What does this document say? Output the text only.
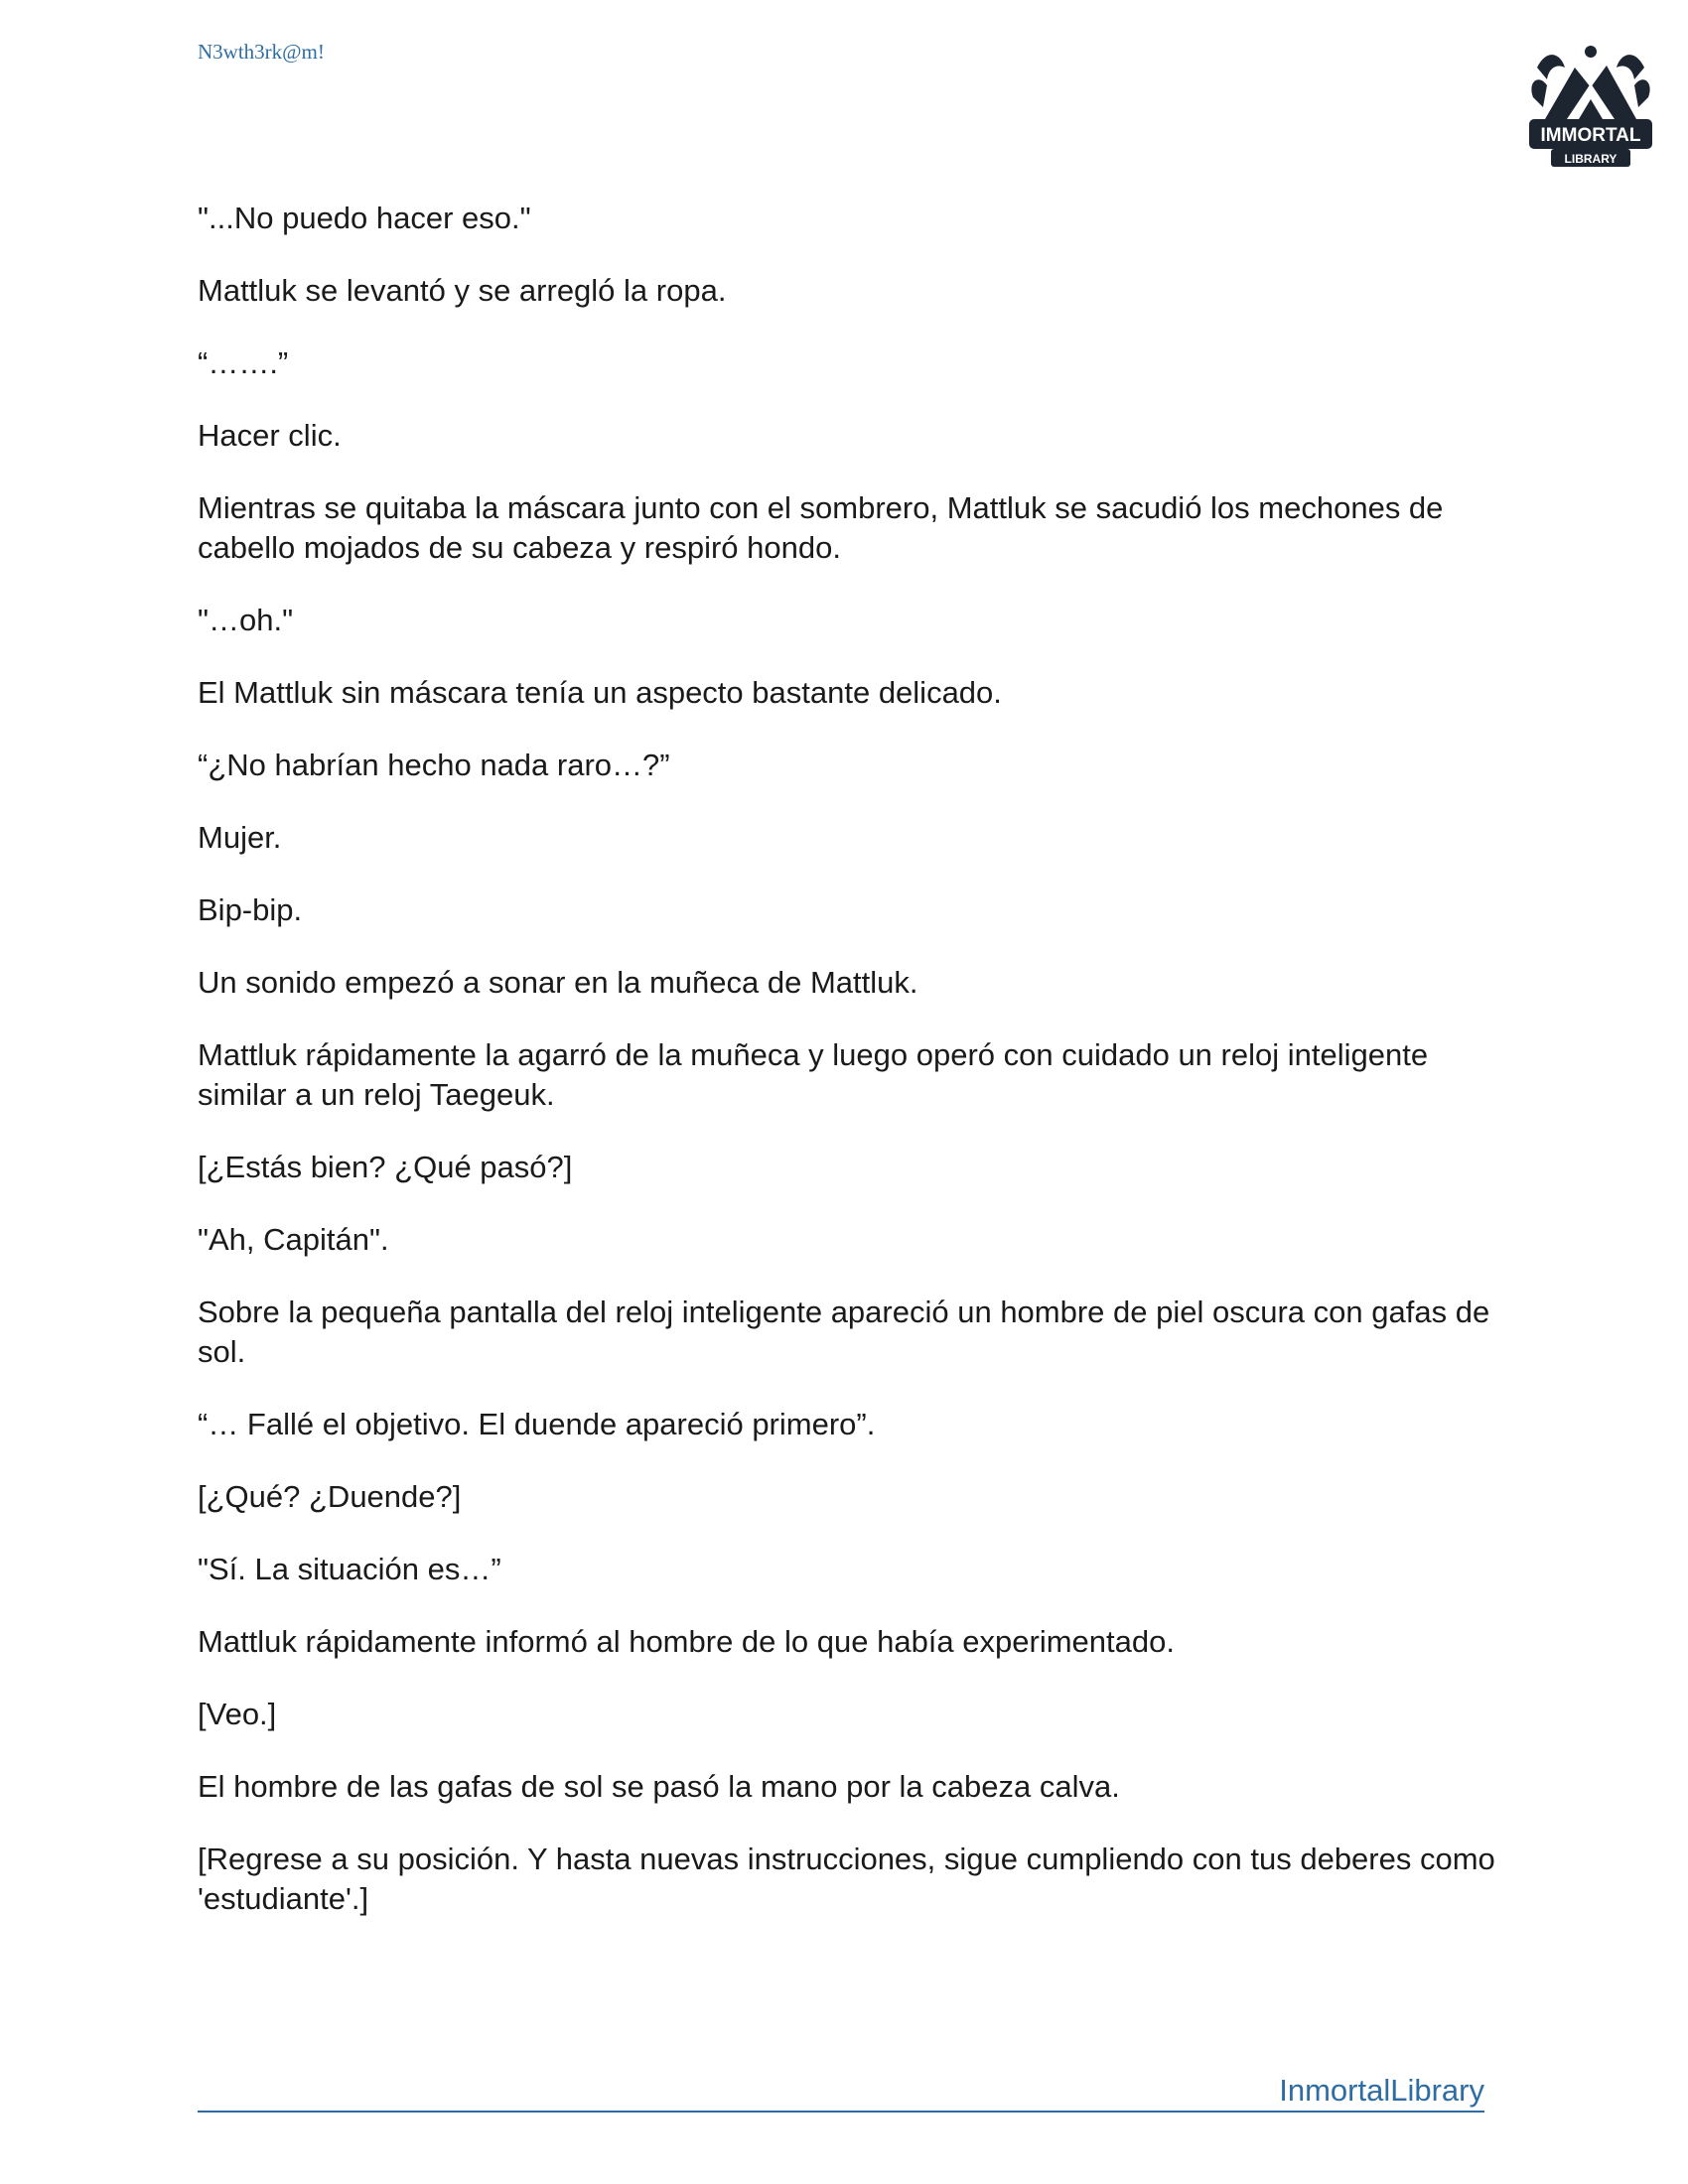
N3wth3rk@m!
IMMORTAL
LIBRARY

"...No puedo hacer eso."

Mattluk se levantó y se arregló la ropa.

“…….”

Hacer clic.

Mientras se quitaba la máscara junto con el sombrero, Mattluk se sacudió los mechones de cabello mojados de su cabeza y respiró hondo.

"…oh."

El Mattluk sin máscara tenía un aspecto bastante delicado.

“¿No habrían hecho nada raro…?”

Mujer.

Bip-bip.

Un sonido empezó a sonar en la muñeca de Mattluk.

Mattluk rápidamente la agarró de la muñeca y luego operó con cuidado un reloj inteligente similar a un reloj Taegeuk.

[¿Estás bien? ¿Qué pasó?]

"Ah, Capitán".

Sobre la pequeña pantalla del reloj inteligente apareció un hombre de piel oscura con gafas de sol.

“… Fallé el objetivo. El duende apareció primero”.

[¿Qué? ¿Duende?]

"Sí. La situación es…”

Mattluk rápidamente informó al hombre de lo que había experimentado.

[Veo.]

El hombre de las gafas de sol se pasó la mano por la cabeza calva.

[Regrese a su posición. Y hasta nuevas instrucciones, sigue cumpliendo con tus deberes como 'estudiante'.]

InmortalLibrary
